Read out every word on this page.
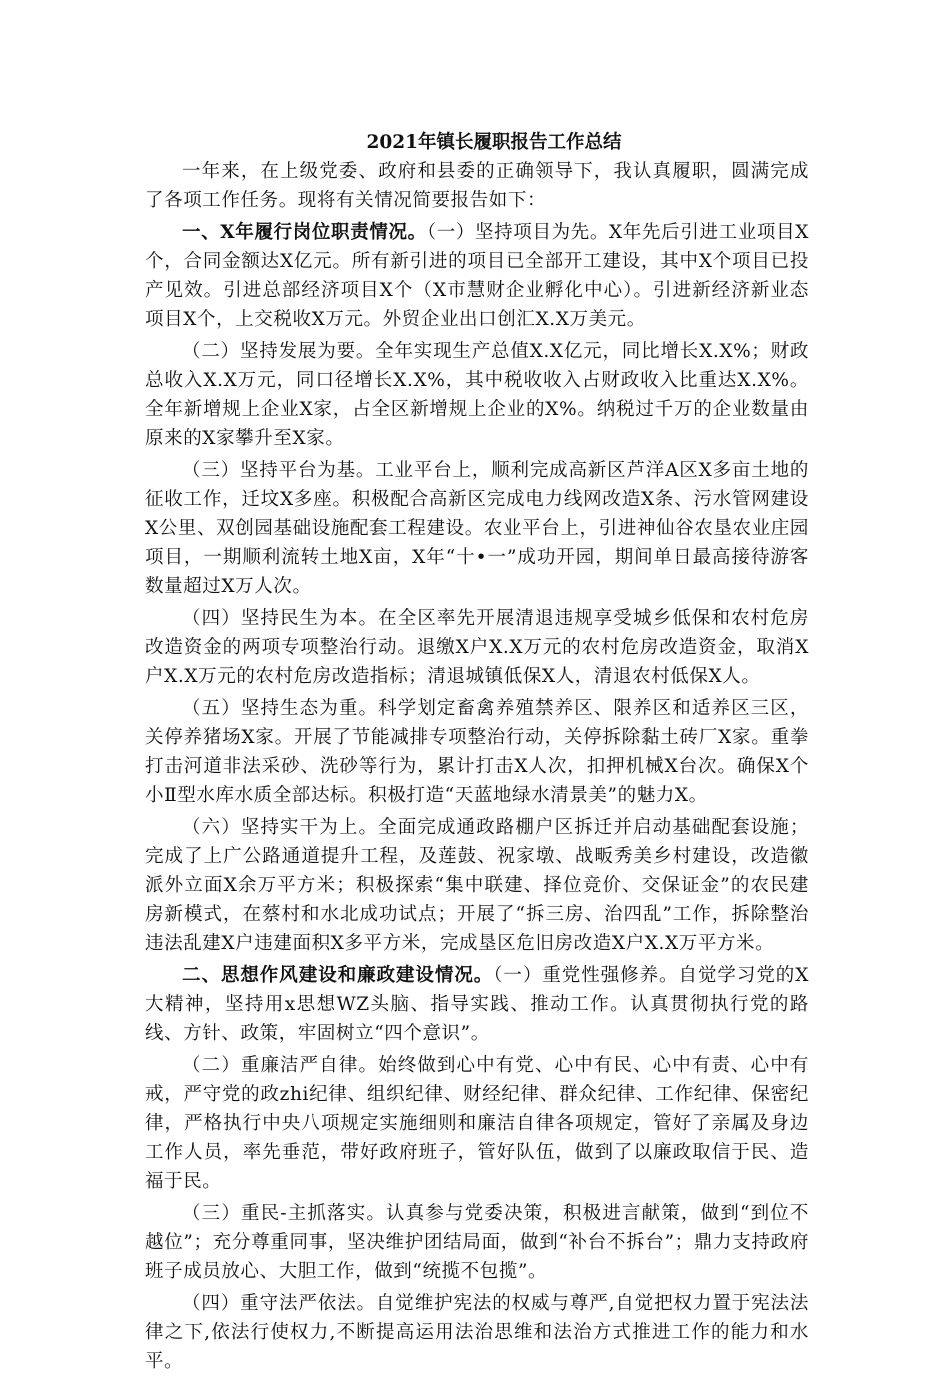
2021年镇长履职报告工作总结

一年来，在上级党委、政府和县委的正确领导下，我认真履职，圆满完成了各项工作任务。现将有关情况简要报告如下：

一、X年履行岗位职责情况。（一）坚持项目为先。X年先后引进工业项目X个，合同金额达X亿元。所有新引进的项目已全部开工建设，其中X个项目已投产见效。引进总部经济项目X个（X市慧财企业孵化中心）。引进新经济新业态项目X个，上交税收X万元。外贸企业出口创汇X.X万美元。

（二）坚持发展为要。全年实现生产总值X.X亿元，同比增长X.X%；财政总收入X.X万元，同口径增长X.X%，其中税收收入占财政收入比重达X.X%。全年新增规上企业X家，占全区新增规上企业的X%。纳税过千万的企业数量由原来的X家攀升至X家。

（三）坚持平台为基。工业平台上，顺利完成高新区芦洋A区X多亩土地的征收工作，迁坟X多座。积极配合高新区完成电力线网改造X条、污水管网建设X公里、双创园基础设施配套工程建设。农业平台上，引进神仙谷农垦农业庄园项目，一期顺利流转土地X亩，X年“十•一”成功开园，期间单日最高接待游客数量超过X万人次。

（四）坚持民生为本。在全区率先开展清退违规享受城乡低保和农村危房改造资金的两项专项整治行动。退缴X户X.X万元的农村危房改造资金，取消X户X.X万元的农村危房改造指标；清退城镇低保X人，清退农村低保X人。

（五）坚持生态为重。科学划定畜禽养殖禁养区、限养区和适养区三区，关停养猪场X家。开展了节能减排专项整治行动，关停拆除黏土砖厂X家。重拳打击河道非法采砂、洗砂等行为，累计打击X人次，扣押机械X台次。确保X个小Ⅱ型水库水质全部达标。积极打造“天蓝地绿水清景美”的魅力X。

（六）坚持实干为上。全面完成通政路棚户区拆迁并启动基础配套设施；完成了上广公路通道提升工程，及莲鼓、祝家墩、战畈秀美乡村建设，改造徽派外立面X余万平方米；积极探索“集中联建、择位竞价、交保证金”的农民建房新模式，在蔡村和水北成功试点；开展了“拆三房、治四乱”工作，拆除整治违法乱建X户违建面积X多平方米，完成垦区危旧房改造X户X.X万平方米。

二、思想作风建设和廉政建设情况。（一）重党性强修养。自觉学习党的X大精神，坚持用x思想WZ头脑、指导实践、推动工作。认真贯彻执行党的路线、方针、政策，牢固树立“四个意识”。

（二）重廉洁严自律。始终做到心中有党、心中有民、心中有责、心中有戒，严守党的政zhi纪律、组织纪律、财经纪律、群众纪律、工作纪律、保密纪律，严格执行中央八项规定实施细则和廉洁自律各项规定，管好了亲属及身边工作人员，率先垂范，带好政府班子，管好队伍，做到了以廉政取信于民、造福于民。

（三）重民-主抓落实。认真参与党委决策，积极进言献策，做到“到位不越位”；充分尊重同事，坚决维护团结局面，做到“补台不拆台”；鼎力支持政府班子成员放心、大胆工作，做到“统揽不包揽”。

（四）重守法严依法。自觉维护宪法的权威与尊严,自觉把权力置于宪法法律之下,依法行使权力,不断提高运用法治思维和法治方式推进工作的能力和水平。
